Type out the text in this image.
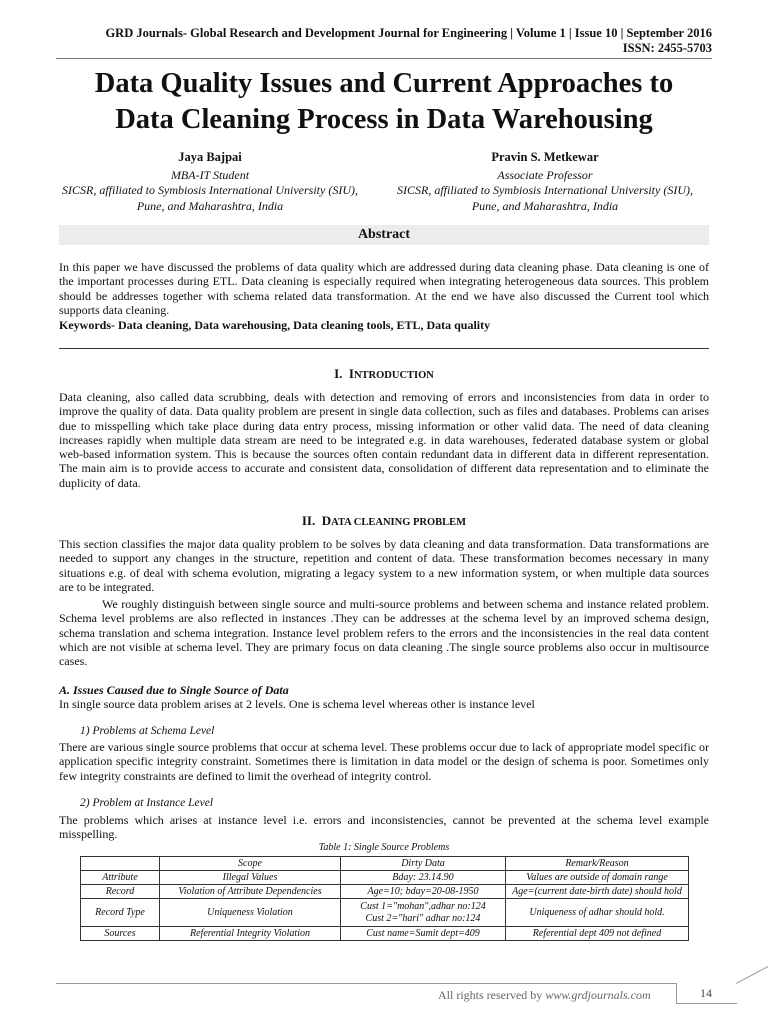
GRD Journals- Global Research and Development Journal for Engineering | Volume 1 | Issue 10 | September 2016
ISSN: 2455-5703
Data Quality Issues and Current Approaches to
Data Cleaning Process in Data Warehousing
Jaya Bajpai
MBA-IT Student
SICSR, affiliated to Symbiosis International University (SIU),
Pune, and Maharashtra, India
Pravin S. Metkewar
Associate Professor
SICSR, affiliated to Symbiosis International University (SIU),
Pune, and Maharashtra, India
Abstract
In this paper we have discussed the problems of data quality which are addressed during data cleaning phase. Data cleaning is one of the important processes during ETL. Data cleaning is especially required when integrating heterogeneous data sources. This problem should be addresses together with schema related data transformation. At the end we have also discussed the Current tool which supports data cleaning.
Keywords- Data cleaning, Data warehousing, Data cleaning tools, ETL, Data quality
I. INTRODUCTION
Data cleaning, also called data scrubbing, deals with detection and removing of errors and inconsistencies from data in order to improve the quality of data. Data quality problem are present in single data collection, such as files and databases. Problems can arises due to misspelling which take place during data entry process, missing information or other valid data. The need of data cleaning increases rapidly when multiple data stream are need to be integrated e.g. in data warehouses, federated database system or global web-based information system. This is because the sources often contain redundant data in different data in different representation. The main aim is to provide access to accurate and consistent data, consolidation of different data representation and to eliminate the duplicity of data.
II. DATA CLEANING PROBLEM
This section classifies the major data quality problem to be solves by data cleaning and data transformation. Data transformations are needed to support any changes in the structure, repetition and content of data. These transformation becomes necessary in many situations e.g. of deal with schema evolution, migrating a legacy system to a new information system, or when multiple data sources are to be integrated.
We roughly distinguish between single source and multi-source problems and between schema and instance related problem. Schema level problems are also reflected in instances .They can be addresses at the schema level by an improved schema design, schema translation and schema integration. Instance level problem refers to the errors and the inconsistencies in the real data content which are not visible at schema level. They are primary focus on data cleaning .The single source problems also occur in multisource cases.
A. Issues Caused due to Single Source of Data
In single source data problem arises at 2 levels. One is schema level whereas other is instance level
1) Problems at Schema Level
There are various single source problems that occur at schema level. These problems occur due to lack of appropriate model specific or application specific integrity constraint. Sometimes there is limitation in data model or the design of schema is poor. Sometimes only few integrity constraints are defined to limit the overhead of integrity control.
2) Problem at Instance Level
The problems which arises at instance level i.e. errors and inconsistencies, cannot be prevented at the schema level example misspelling.
Table 1: Single Source Problems
	Scope	Dirty Data	Remark/Reason
Attribute	Illegal Values	Bday: 23.14.90	Values are outside of domain range
Record	Violation of Attribute Dependencies	Age=10; bday=20-08-1950	Age=(current date-birth date) should hold
Record Type	Uniqueness Violation	Cust 1="mohan",adhar no:124
Cust 2="hari" adhar no:124	Uniqueness of adhar should hold.
Sources	Referential Integrity Violation	Cust name=Sumit dept=409	Referential dept 409 not defined
All rights reserved by www.grdjournals.com	14
